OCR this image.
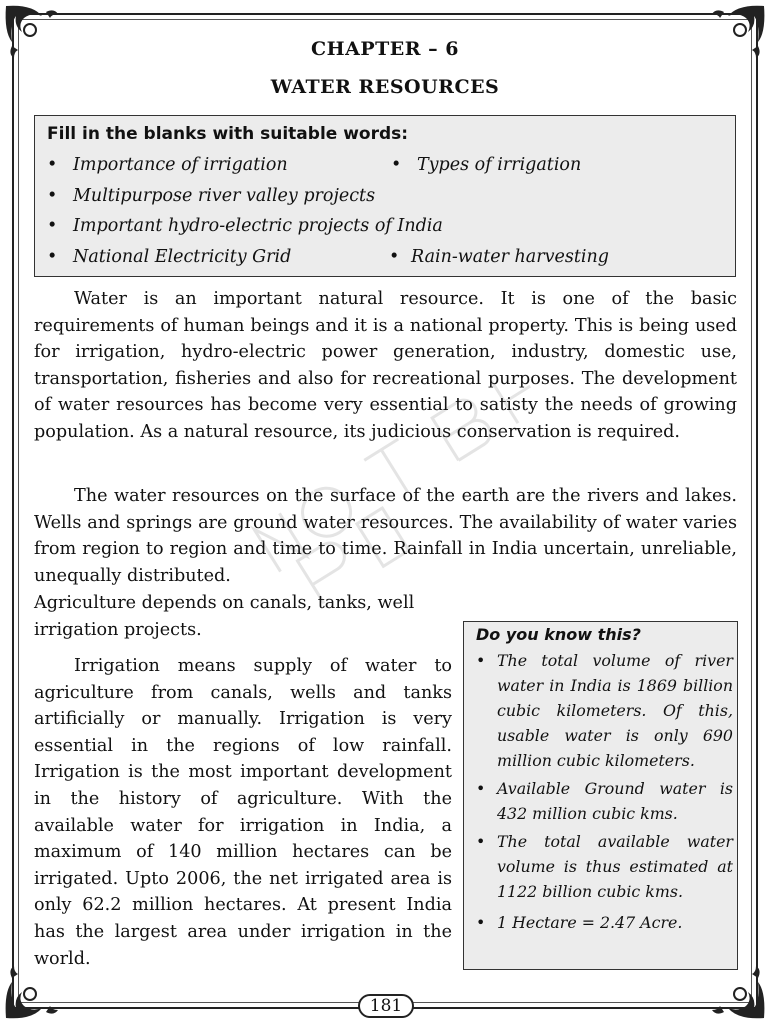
CHAPTER – 6
WATER RESOURCES
Fill in the blanks with suitable words:
• Importance of irrigation	• Types of irrigation
• Multipurpose river valley projects
• Important hydro-electric projects of India
• National Electricity Grid	• Rain-water harvesting

Water is an important natural resource. It is one of the basic requirements of human beings and it is a national property. This is being used for irrigation, hydro-electric power generation, industry, domestic use, transportation, fisheries and also for recreational purposes. The development of water resources has become very essential to satisty the needs of growing population. As a natural resource, its judicious conservation is required.

The water resources on the surface of the earth are the rivers and lakes. Wells and springs are ground water resources. The availability of water varies from region to region and time to time. Rainfall in India uncertain, unreliable, unequally distributed.

Agriculture depends on canals, tanks, well irrigation projects.

Irrigation means supply of water to agriculture from canals, wells and tanks artificially or manually. Irrigation is very essential in the regions of low rainfall. Irrigation is the most important development in the history of agriculture. With the available water for irrigation in India, a maximum of 140 million hectares can be irrigated. Upto 2006, the net irrigated area is only 62.2 million hectares. At present India has the largest area under irrigation in the world.

Do you know this?
• The total volume of river water in India is 1869 billion cubic kilometers. Of this, usable water is only 690 million cubic kilometers.
• Available Ground water is 432 million cubic kms.
• The total available water volume is thus estimated at 1122 billion cubic kms.
• 1 Hectare = 2.47 Acre.
181
